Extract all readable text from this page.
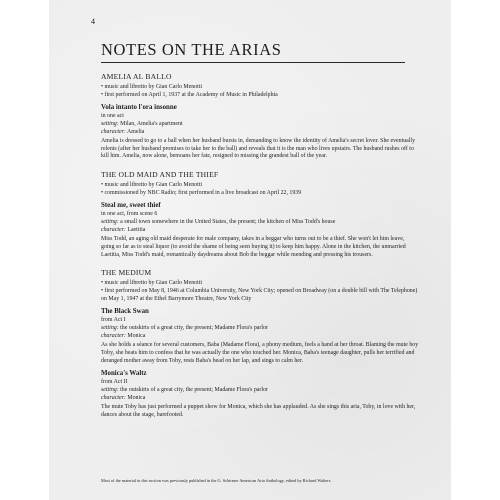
4
NOTES ON THE ARIAS
AMELIA AL BALLO
• music and libretto by Gian Carlo Menotti
• first performed on April 1, 1937 at the Academy of Music in Philadelphia
Vola intanto l'ora insonne
in one act
setting: Milan, Amelia's apartment
character: Amelia
Amelia is dressed to go to a ball when her husband bursts in, demanding to know the identity of Amelia's secret lover. She eventually relents (after her husband promises to take her to the ball) and reveals that it is the man who lives upstairs. The husband rushes off to kill him. Amelia, now alone, bemoans her fate, resigned to missing the grandest ball of the year.
THE OLD MAID AND THE THIEF
• music and libretto by Gian Carlo Menotti
• commissioned by NBC Radio; first performed in a live broadcast on April 22, 1939
Steal me, sweet thief
in one act, from scene 6
setting: a small town somewhere in the United States, the present; the kitchen of Miss Todd's house
character: Laetitia
Miss Todd, an aging old maid desperate for male company, takes in a beggar who turns out to be a thief. She won't let him leave, going so far as to steal liquor (to avoid the shame of being seen buying it) to keep him happy. Alone in the kitchen, the unmarried Laetitia, Miss Todd's maid, romantically daydreams about Bob the beggar while mending and pressing his trousers.
THE MEDIUM
• music and libretto by Gian Carlo Menotti
• first performed on May 8, 1946 at Columbia University, New York City; opened on Broadway (on a double bill with The Telephone) on May 1, 1947 at the Ethel Barrymore Theatre, New York City
The Black Swan
from Act I
setting: the outskirts of a great city, the present; Madame Flora's parlor
character: Monica
As she holds a séance for several customers, Baba (Madame Flora), a phony medium, feels a hand at her throat. Blaming the mute boy Toby, she beats him to confess that he was actually the one who touched her. Monica, Baba's teenage daughter, pulls her terrified and deranged mother away from Toby, rests Baba's head on her lap, and sings to calm her.
Monica's Waltz
from Act II
setting: the outskirts of a great city, the present; Madame Flora's parlor
character: Monica
The mute Toby has just performed a puppet show for Monica, which she has applauded. As she sings this aria, Toby, in love with her, dances about the stage, barefooted.
Most of the material in this section was previously published in the G. Schirmer American Aria Anthology, edited by Richard Walters.
